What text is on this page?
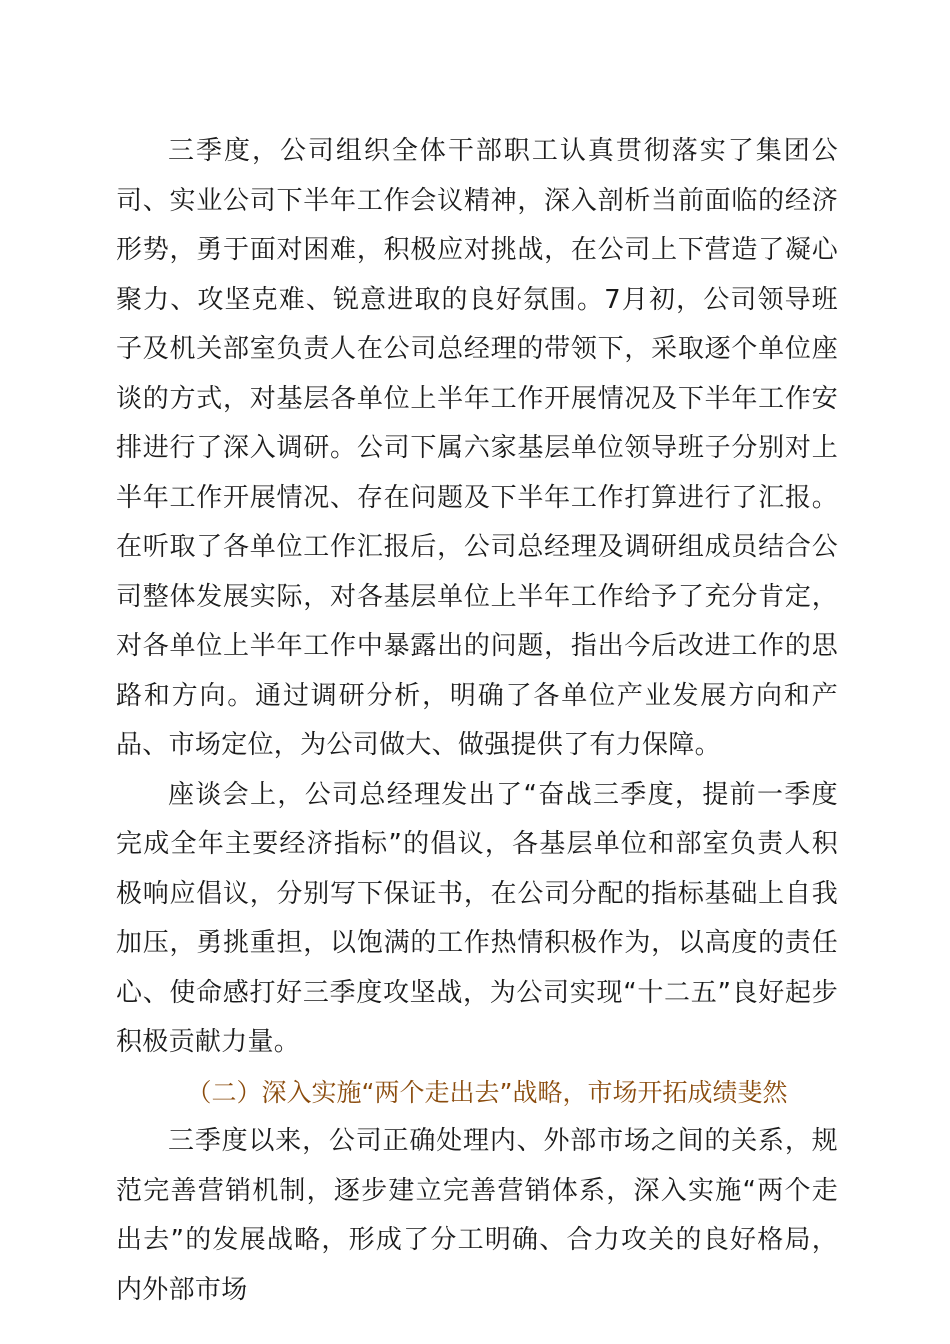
三季度，公司组织全体干部职工认真贯彻落实了集团公司、实业公司下半年工作会议精神，深入剖析当前面临的经济形势，勇于面对困难，积极应对挑战，在公司上下营造了凝心聚力、攻坚克难、锐意进取的良好氛围。7月初，公司领导班子及机关部室负责人在公司总经理的带领下，采取逐个单位座谈的方式，对基层各单位上半年工作开展情况及下半年工作安排进行了深入调研。公司下属六家基层单位领导班子分别对上半年工作开展情况、存在问题及下半年工作打算进行了汇报。在听取了各单位工作汇报后，公司总经理及调研组成员结合公司整体发展实际，对各基层单位上半年工作给予了充分肯定，对各单位上半年工作中暴露出的问题，指出今后改进工作的思路和方向。通过调研分析，明确了各单位产业发展方向和产品、市场定位，为公司做大、做强提供了有力保障。

座谈会上，公司总经理发出了“奋战三季度，提前一季度完成全年主要经济指标”的倡议，各基层单位和部室负责人积极响应倡议，分别写下保证书，在公司分配的指标基础上自我加压，勇挑重担，以饱满的工作热情积极作为，以高度的责任心、使命感打好三季度攻坚战，为公司实现“十二五”良好起步积极贡献力量。

（二）深入实施“两个走出去”战略，市场开拓成绩斐然

三季度以来，公司正确处理内、外部市场之间的关系，规范完善营销机制，逐步建立完善营销体系，深入实施“两个走出去”的发展战略，形成了分工明确、合力攻关的良好格局，内外部市场
